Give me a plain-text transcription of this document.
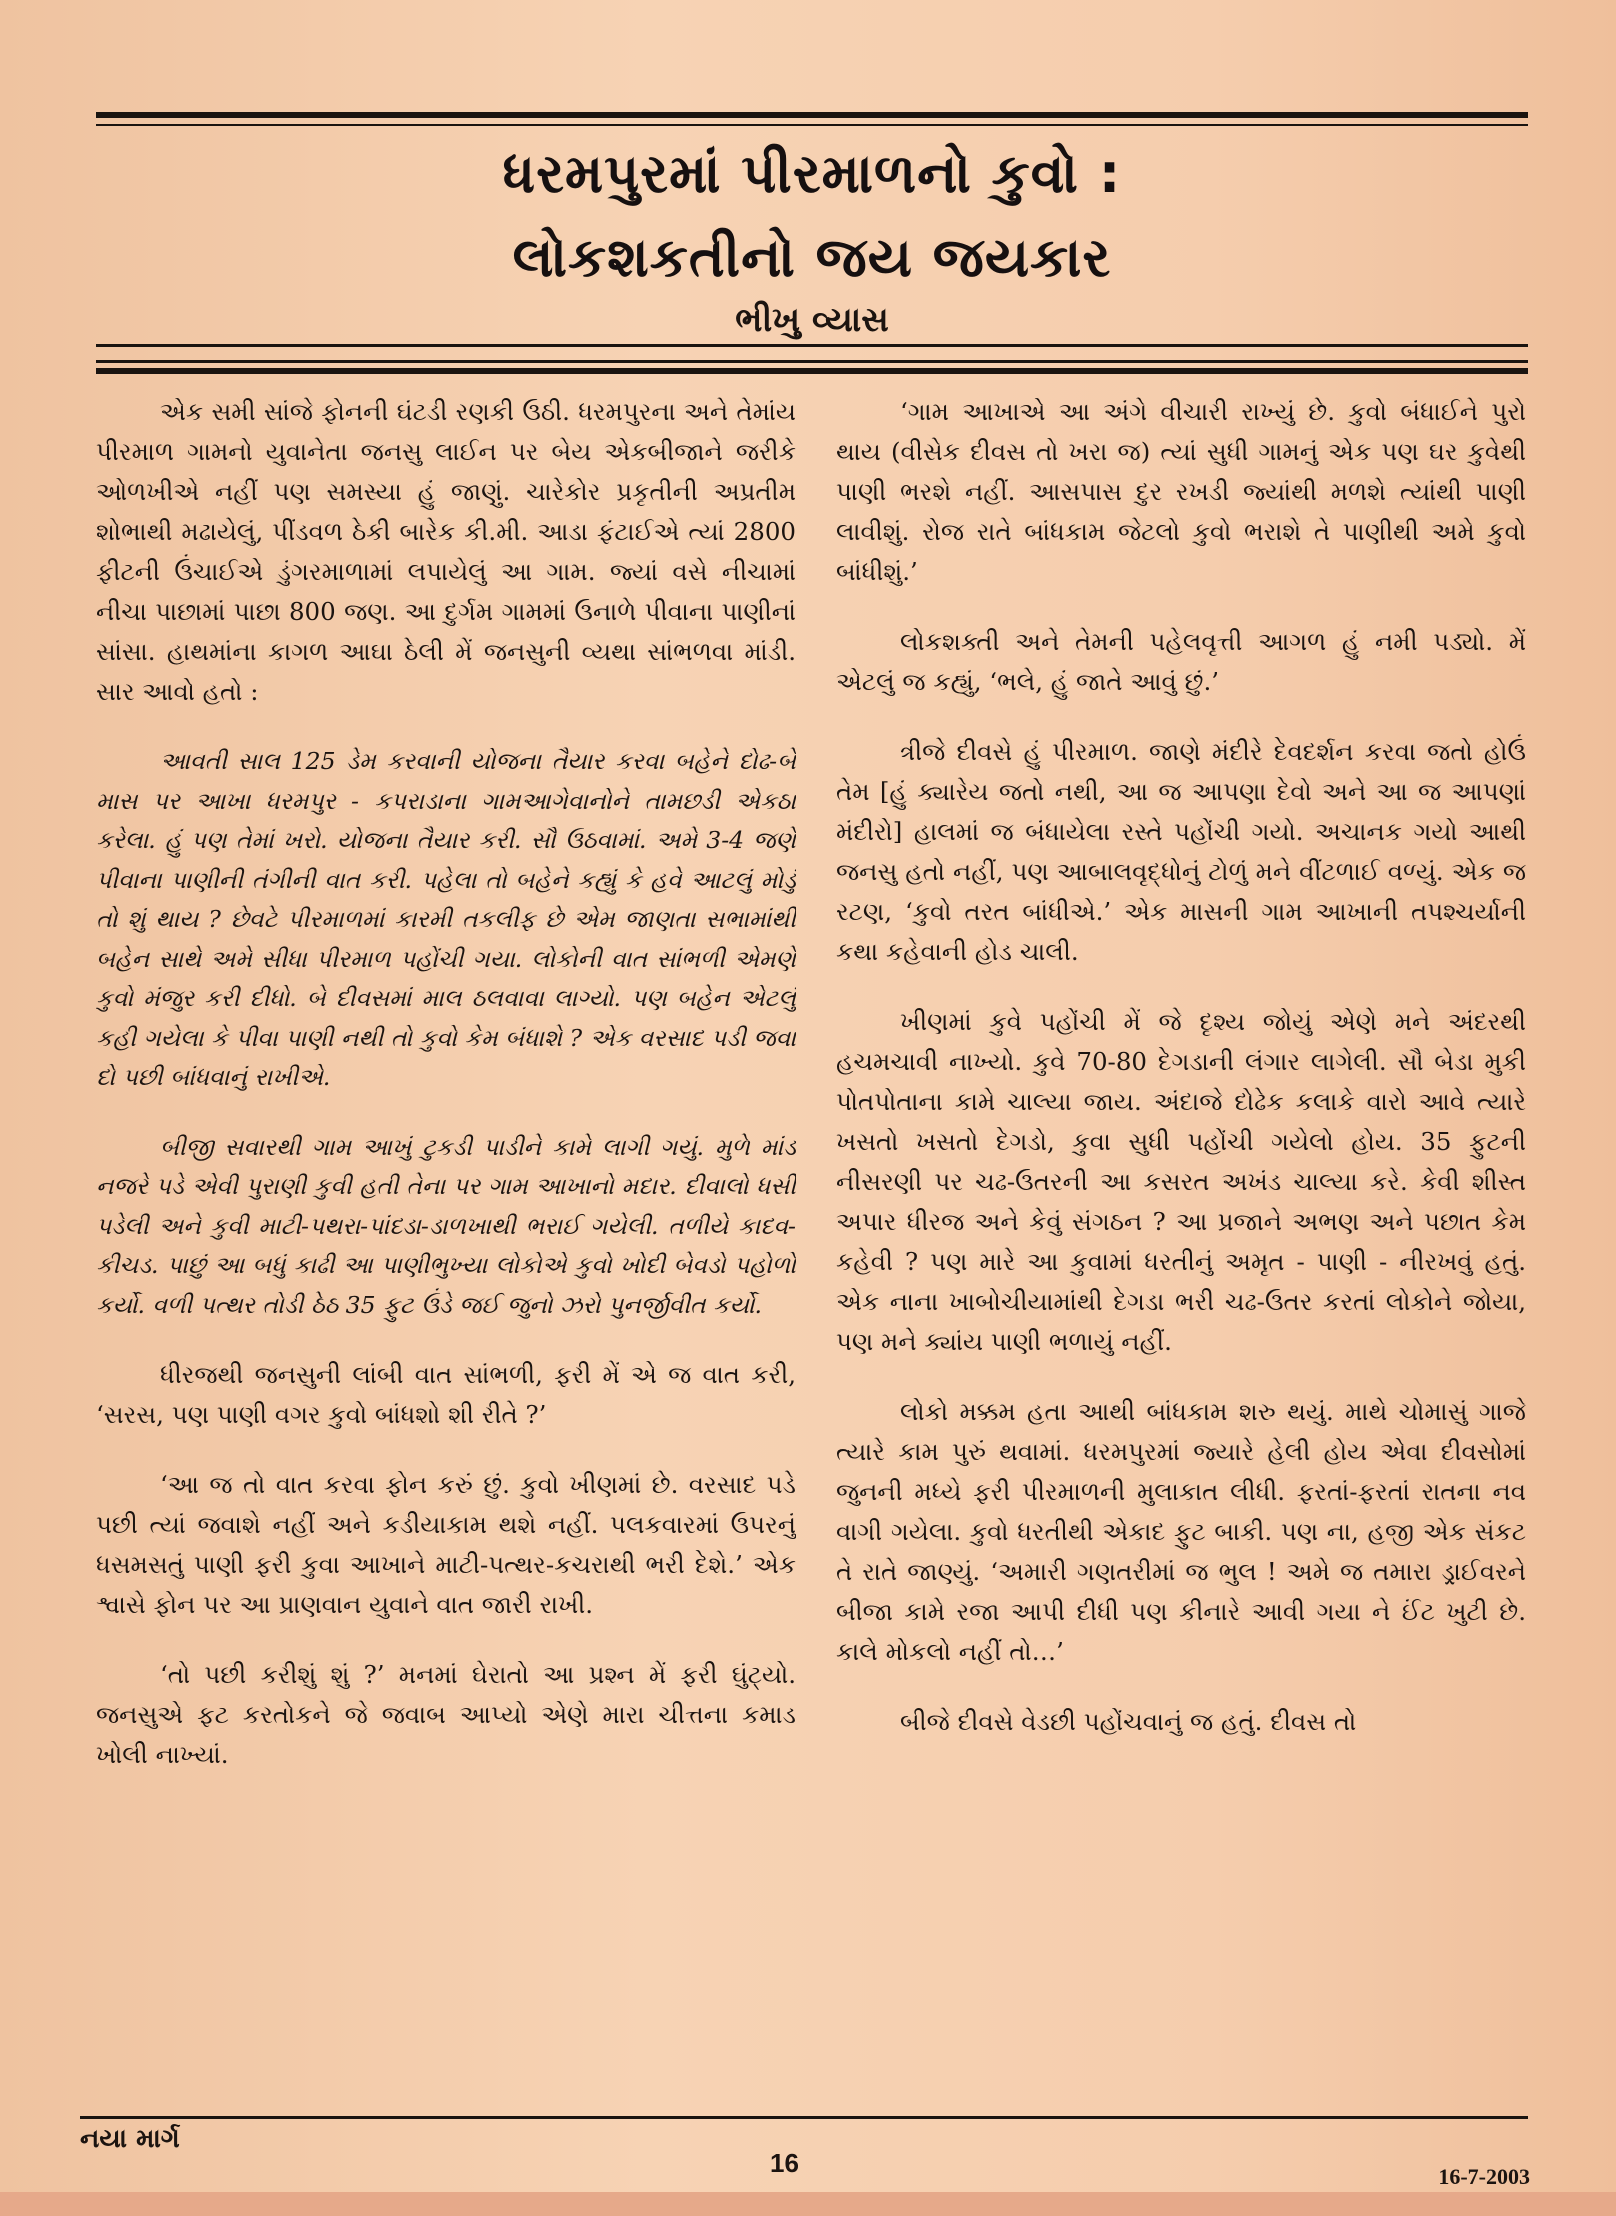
ધરમપુરમાં પીરમાળનો કુવો :
લોકશકતીનો જય જયકાર
ભીખુ વ્યાસ

એક સમી સાંજે ફોનની ઘંટડી રણકી ઉઠી. ધરમપુરના અને તેમાંય પીરમાળ ગામનો યુવાનેતા જનસુ લાઈન પર બેય એકબીજાને જરીકે ઓળખીએ નહીં પણ સમસ્યા હું જાણું. ચારેકોર પ્રકૃતીની અપ્રતીમ શોભાથી મઢાયેલું, પીંડવળ ઠેકી બારેક કી.મી. આડા ફંટાઈએ ત્યાં 2800 ફીટની ઉંચાઈએ ડુંગરમાળામાં લપાયેલું આ ગામ. જ્યાં વસે નીચામાં નીચા પાછામાં પાછા 800 જણ. આ દુર્ગમ ગામમાં ઉનાળે પીવાના પાણીનાં સાંસા. હાથમાંના કાગળ આઘા ઠેલી મેં જનસુની વ્યથા સાંભળવા માંડી. સાર આવો હતો :

આવતી સાલ 125 ડેમ કરવાની યોજના તૈયાર કરવા બહેને દોઢ-બે માસ પર આખા ધરમપુર - કપરાડાના ગામઆગેવાનોને તામછડી એકઠા કરેલા. હું પણ તેમાં ખરો. યોજના તૈયાર કરી. સૌ ઉઠવામાં. અમે 3-4 જણે પીવાના પાણીની તંગીની વાત કરી. પહેલા તો બહેને કહ્યું કે હવે આટલું મોડું તો શું થાય ? છેવટે પીરમાળમાં કારમી તકલીફ છે એમ જાણતા સભામાંથી બહેન સાથે અમે સીધા પીરમાળ પહોંચી ગયા. લોકોની વાત સાંભળી એમણે કુવો મંજુર કરી દીધો. બે દીવસમાં માલ ઠલવાવા લાગ્યો. પણ બહેન એટલું કહી ગયેલા કે પીવા પાણી નથી તો કુવો કેમ બંધાશે ? એક વરસાદ પડી જવા દો પછી બાંધવાનું રાખીએ.

બીજી સવારથી ગામ આખું ટુકડી પાડીને કામે લાગી ગયું. મુળે માંડ નજરે પડે એવી પુરાણી કુવી હતી તેના પર ગામ આખાનો મદાર. દીવાલો ધસી પડેલી અને કુવી માટી-પથરા-પાંદડા-ડાળખાથી ભરાઈ ગયેલી. તળીયે કાદવ-કીચડ. પાછું આ બધું કાઢી આ પાણીભુખ્યા લોકોએ કુવો ખોદી બેવડો પહોળો કર્યો. વળી પત્થર તોડી ઠેઠ 35 ફુટ ઉંડે જઈ જુનો ઝરો પુનર્જીવીત કર્યો.

ધીરજથી જનસુની લાંબી વાત સાંભળી, ફરી મેં એ જ વાત કરી, ‘સરસ, પણ પાણી વગર કુવો બાંધશો શી રીતે ?’

‘આ જ તો વાત કરવા ફોન કરું છું. કુવો ખીણમાં છે. વરસાદ પડે પછી ત્યાં જવાશે નહીં અને કડીયાકામ થશે નહીં. પલકવારમાં ઉપરનું ધસમસતું પાણી ફરી કુવા આખાને માટી-પત્થર-કચરાથી ભરી દેશે.’ એક શ્વાસે ફોન પર આ પ્રાણવાન યુવાને વાત જારી રાખી.

‘તો પછી કરીશું શું ?’ મનમાં ઘેરાતો આ પ્રશ્ન મેં ફરી ઘુંટ્યો. જનસુએ ફટ કરતોકને જે જવાબ આપ્યો એણે મારા ચીત્તના કમાડ ખોલી નાખ્યાં.

‘ગામ આખાએ આ અંગે વીચારી રાખ્યું છે. કુવો બંધાઈને પુરો થાય (વીસેક દીવસ તો ખરા જ) ત્યાં સુધી ગામનું એક પણ ઘર કુવેથી પાણી ભરશે નહીં. આસપાસ દુર રખડી જ્યાંથી મળશે ત્યાંથી પાણી લાવીશું. રોજ રાતે બાંધકામ જેટલો કુવો ભરાશે તે પાણીથી અમે કુવો બાંધીશું.’

લોકશક્તી અને તેમની પહેલવૃત્તી આગળ હું નમી પડ્યો. મેં એટલું જ કહ્યું, ‘ભલે, હું જાતે આવું છું.’

ત્રીજે દીવસે હું પીરમાળ. જાણે મંદીરે દેવદર્શન કરવા જતો હોઉં તેમ [હું ક્યારેય જતો નથી, આ જ આપણા દેવો અને આ જ આપણાં મંદીરો] હાલમાં જ બંધાયેલા રસ્તે પહોંચી ગયો. અચાનક ગયો આથી જનસુ હતો નહીં, પણ આબાલવૃદ્ધોનું ટોળું મને વીંટળાઈ વળ્યું. એક જ રટણ, ‘કુવો તરત બાંધીએ.’ એક માસની ગામ આખાની તપશ્ચર્યાની કથા કહેવાની હોડ ચાલી.

ખીણમાં કુવે પહોંચી મેં જે દૃશ્ય જોયું એણે મને અંદરથી હચમચાવી નાખ્યો. કુવે 70-80 દેગડાની લંગાર લાગેલી. સૌ બેડા મુકી પોતપોતાના કામે ચાલ્યા જાય. અંદાજે દોઢેક કલાકે વારો આવે ત્યારે ખસતો ખસતો દેગડો, કુવા સુધી પહોંચી ગયેલો હોય. 35 ફુટની નીસરણી પર ચઢ-ઉતરની આ કસરત અખંડ ચાલ્યા કરે. કેવી શીસ્ત અપાર ધીરજ અને કેવું સંગઠન ? આ પ્રજાને અભણ અને પછાત કેમ કહેવી ? પણ મારે આ કુવામાં ધરતીનું અમૃત - પાણી - નીરખવું હતું. એક નાના ખાબોચીયામાંથી દેગડા ભરી ચઢ-ઉતર કરતાં લોકોને જોયા, પણ મને ક્યાંય પાણી ભળાયું નહીં.

લોકો મક્કમ હતા આથી બાંધકામ શરુ થયું. માથે ચોમાસું ગાજે ત્યારે કામ પુરું થવામાં. ધરમપુરમાં જ્યારે હેલી હોય એવા દીવસોમાં જુનની મધ્યે ફરી પીરમાળની મુલાકાત લીધી. ફરતાં-ફરતાં રાતના નવ વાગી ગયેલા. કુવો ધરતીથી એકાદ ફુટ બાકી. પણ ના, હજી એક સંકટ તે રાતે જાણ્યું. ‘અમારી ગણતરીમાં જ ભુલ ! અમે જ તમારા ડ્રાઈવરને બીજા કામે રજા આપી દીધી પણ કીનારે આવી ગયા ને ઈંટ ખુટી છે. કાલે મોકલો નહીં તો…’

બીજે દીવસે વેડછી પહોંચવાનું જ હતું. દીવસ તો

નયા માર્ગ
16	16-7-2003
